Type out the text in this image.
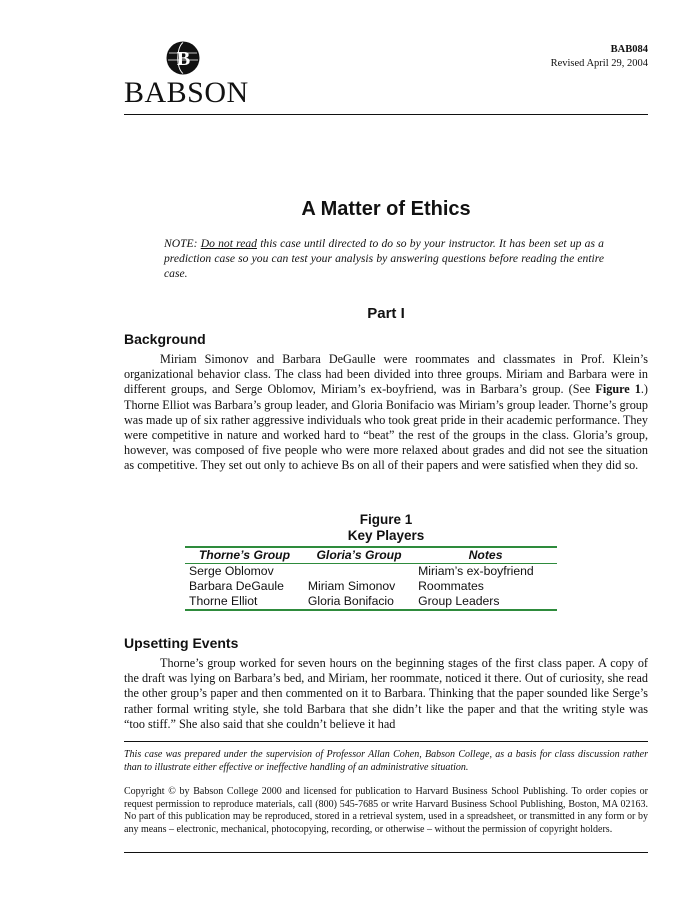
B
BABSON
BAB084
Revised April 29, 2004
A Matter of Ethics
NOTE: Do not read this case until directed to do so by your instructor. It has been set up as a prediction case so you can test your analysis by answering questions before reading the entire case.
Part I
Background

Miriam Simonov and Barbara DeGaulle were roommates and classmates in Prof. Klein’s organizational behavior class. The class had been divided into three groups. Miriam and Barbara were in different groups, and Serge Oblomov, Miriam’s ex-boyfriend, was in Barbara’s group. (See Figure 1.) Thorne Elliot was Barbara’s group leader, and Gloria Bonifacio was Miriam’s group leader. Thorne’s group was made up of six rather aggressive individuals who took great pride in their academic performance. They were competitive in nature and worked hard to “beat” the rest of the groups in the class. Gloria’s group, however, was composed of five people who were more relaxed about grades and did not see the situation as competitive. They set out only to achieve Bs on all of their papers and were satisfied when they did so.

Figure 1
Key Players
Thorne’s Group	Gloria’s Group	Notes
Serge Oblomov		Miriam’s ex-boyfriend
Barbara DeGaule	Miriam Simonov	Roommates
Thorne Elliot	Gloria Bonifacio	Group Leaders
Upsetting Events

Thorne’s group worked for seven hours on the beginning stages of the first class paper. A copy of the draft was lying on Barbara’s bed, and Miriam, her roommate, noticed it there. Out of curiosity, she read the other group’s paper and then commented on it to Barbara. Thinking that the paper sounded like Serge’s rather formal writing style, she told Barbara that she didn’t like the paper and that the writing style was “too stiff.” She also said that she couldn’t believe it had

This case was prepared under the supervision of Professor Allan Cohen, Babson College, as a basis for class discussion rather than to illustrate either effective or ineffective handling of an administrative situation.

Copyright © by Babson College 2000 and licensed for publication to Harvard Business School Publishing. To order copies or request permission to reproduce materials, call (800) 545-7685 or write Harvard Business School Publishing, Boston, MA 02163. No part of this publication may be reproduced, stored in a retrieval system, used in a spreadsheet, or transmitted in any form or by any means – electronic, mechanical, photocopying, recording, or otherwise – without the permission of copyright holders.
